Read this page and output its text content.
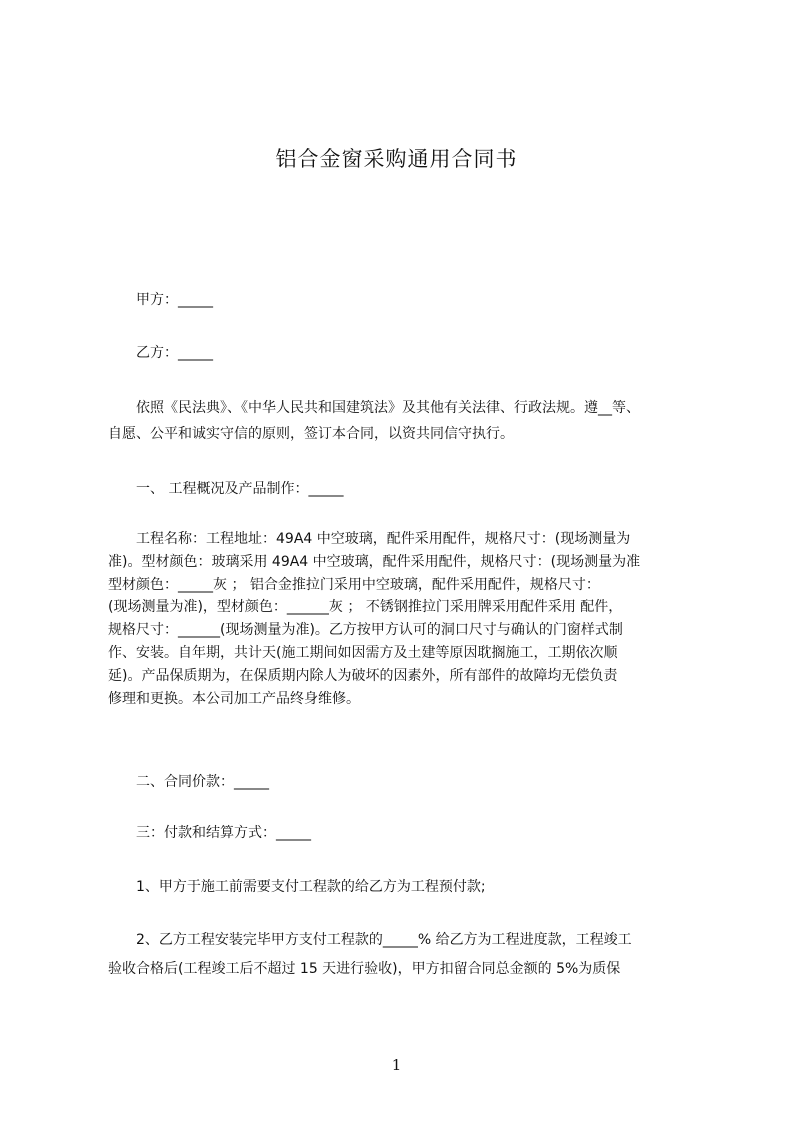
铝合金窗采购通用合同书
甲方：_____
乙方：_____
依照《民法典》、《中华人民共和国建筑法》及其他有关法律、行政法规。遵__等、
自愿、公平和诚实守信的原则，签订本合同，以资共同信守执行。
一、 工程概况及产品制作：_____
工程名称：工程地址：49A4 中空玻璃，配件采用配件，规格尺寸：(现场测量为
准)。型材颜色：玻璃采用 49A4 中空玻璃，配件采用配件，规格尺寸：(现场测量为准
型材颜色：_____灰 ； 铝合金推拉门采用中空玻璃，配件采用配件，规格尺寸：
(现场测量为准)，型材颜色：______灰 ； 不锈钢推拉门采用牌采用配件采用 配件，
规格尺寸：______(现场测量为准)。乙方按甲方认可的洞口尺寸与确认的门窗样式制
作、安装。自年期，共计天(施工期间如因需方及土建等原因耽搁施工，工期依次顺
延)。产品保质期为，在保质期内除人为破坏的因素外，所有部件的故障均无偿负责
修理和更换。本公司加工产品终身维修。
二、合同价款：_____
三：付款和结算方式：_____
1、甲方于施工前需要支付工程款的给乙方为工程预付款;
2、乙方工程安装完毕甲方支付工程款的_____% 给乙方为工程进度款，工程竣工
验收合格后(工程竣工后不超过 15 天进行验收)，甲方扣留合同总金额的 5%为质保
1
